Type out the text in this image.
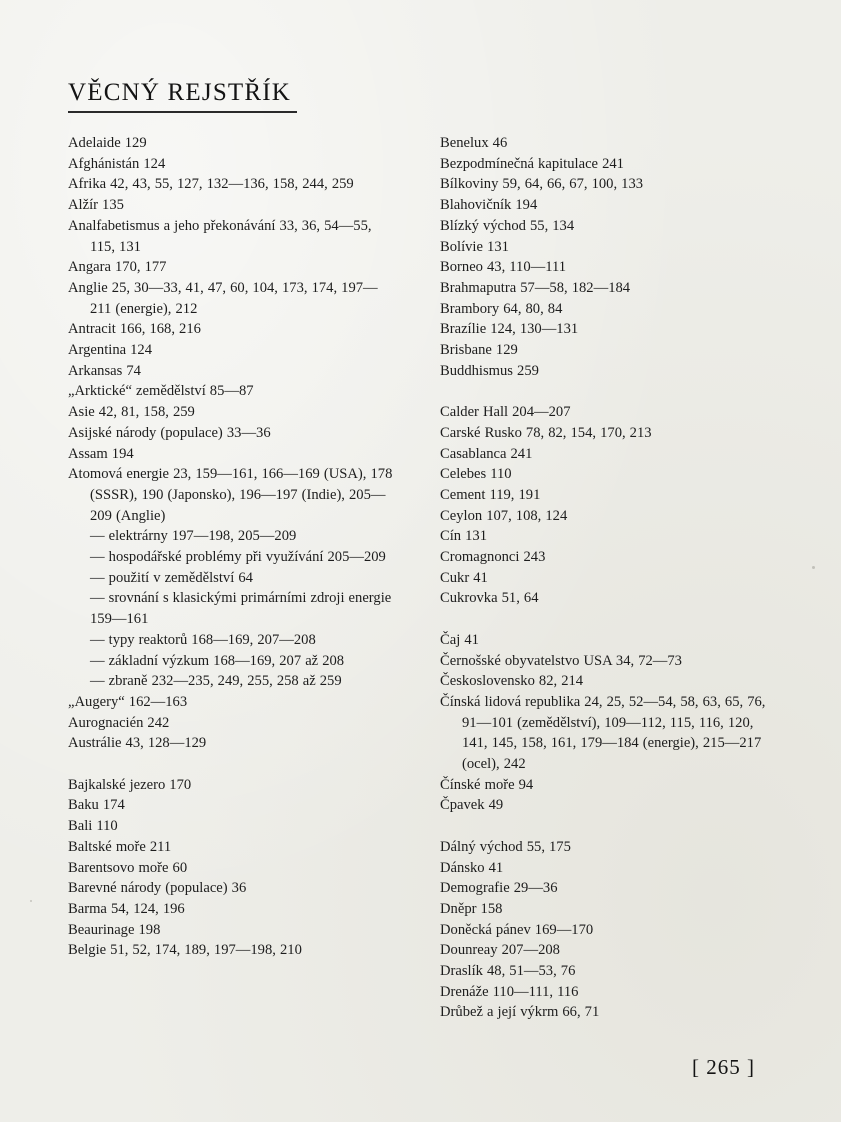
VĚCNÝ REJSTŘÍK

Adelaide 129

Afghánistán 124

Afrika 42, 43, 55, 127, 132—136, 158, 244, 259

Alžír 135

Analfabetismus a jeho překonávání 33, 36, 54—55, 115, 131

Angara 170, 177

Anglie 25, 30—33, 41, 47, 60, 104, 173, 174, 197—211 (energie), 212

Antracit 166, 168, 216

Argentina 124

Arkansas 74

„Arktické“ zemědělství 85—87

Asie 42, 81, 158, 259

Asijské národy (populace) 33—36

Assam 194

Atomová energie 23, 159—161, 166—169 (USA), 178 (SSSR), 190 (Japonsko), 196—197 (Indie), 205—209 (Anglie)

— elektrárny 197—198, 205—209

— hospodářské problémy při využívání 205—209

— použití v zemědělství 64

— srovnání s klasickými primárními zdroji energie 159—161

— typy reaktorů 168—169, 207—208

— základní výzkum 168—169, 207 až 208

— zbraně 232—235, 249, 255, 258 až 259

„Augery“ 162—163

Aurognacién 242

Austrálie 43, 128—129

Bajkalské jezero 170

Baku 174

Bali 110

Baltské moře 211

Barentsovo moře 60

Barevné národy (populace) 36

Barma 54, 124, 196

Beaurinage 198

Belgie 51, 52, 174, 189, 197—198, 210

Benelux 46

Bezpodmínečná kapitulace 241

Bílkoviny 59, 64, 66, 67, 100, 133

Blahovičník 194

Blízký východ 55, 134

Bolívie 131

Borneo 43, 110—111

Brahmaputra 57—58, 182—184

Brambory 64, 80, 84

Brazílie 124, 130—131

Brisbane 129

Buddhismus 259

Calder Hall 204—207

Carské Rusko 78, 82, 154, 170, 213

Casablanca 241

Celebes 110

Cement 119, 191

Ceylon 107, 108, 124

Cín 131

Cromagnonci 243

Cukr 41

Cukrovka 51, 64

Čaj 41

Černošské obyvatelstvo USA 34, 72—73

Československo 82, 214

Čínská lidová republika 24, 25, 52—54, 58, 63, 65, 76, 91—101 (zemědělství), 109—112, 115, 116, 120, 141, 145, 158, 161, 179—184 (energie), 215—217 (ocel), 242

Čínské moře 94

Čpavek 49

Dálný východ 55, 175

Dánsko 41

Demografie 29—36

Dněpr 158

Doněcká pánev 169—170

Dounreay 207—208

Draslík 48, 51—53, 76

Drenáže 110—111, 116

Drůbež a její výkrm 66, 71

[ 265 ]
